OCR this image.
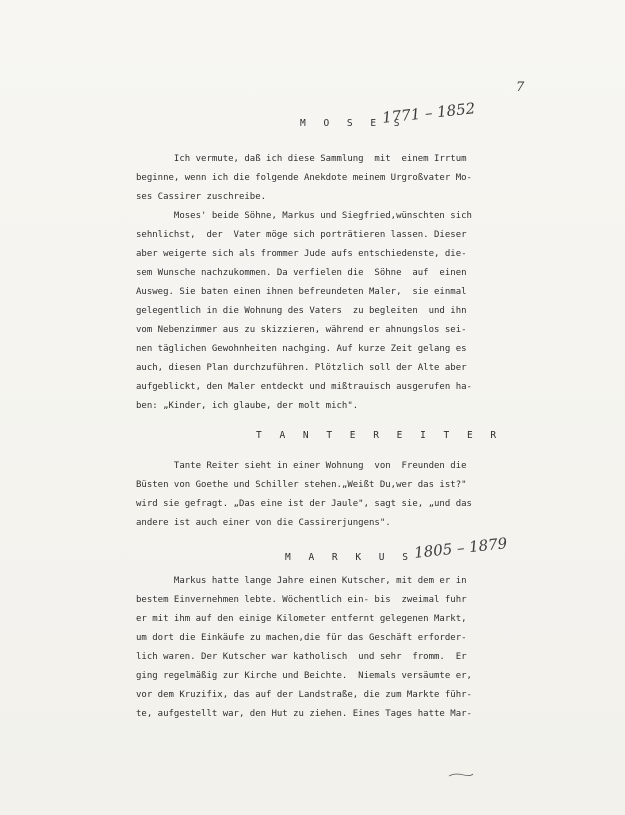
7
M O S E S
1771 – 1852
Ich vermute, daß ich diese Sammlung  mit  einem Irrtum
beginne, wenn ich die folgende Anekdote meinem Urgroßvater Mo-
ses Cassirer zuschreibe.
Moses' beide Söhne, Markus und Siegfried,wünschten sich
sehnlichst,  der  Vater möge sich porträtieren lassen. Dieser
aber weigerte sich als frommer Jude aufs entschiedenste, die-
sem Wunsche nachzukommen. Da verfielen die  Söhne  auf  einen
Ausweg. Sie baten einen ihnen befreundeten Maler,  sie einmal
gelegentlich in die Wohnung des Vaters  zu begleiten  und ihn
vom Nebenzimmer aus zu skizzieren, während er ahnungslos sei-
nen täglichen Gewohnheiten nachging. Auf kurze Zeit gelang es
auch, diesen Plan durchzuführen. Plötzlich soll der Alte aber
aufgeblickt, den Maler entdeckt und mißtrauisch ausgerufen ha-
ben: „Kinder, ich glaube, der molt mich".
T A N T E R E I T E R
Tante Reiter sieht in einer Wohnung  von  Freunden die
Büsten von Goethe und Schiller stehen.„Weißt Du,wer das ist?"
wird sie gefragt. „Das eine ist der Jaule", sagt sie, „und das
andere ist auch einer von die Cassirerjungens".
M A R K U S 1805 – 1879
Markus hatte lange Jahre einen Kutscher, mit dem er in
bestem Einvernehmen lebte. Wöchentlich ein- bis  zweimal fuhr
er mit ihm auf den einige Kilometer entfernt gelegenen Markt,
um dort die Einkäufe zu machen,die für das Geschäft erforder-
lich waren. Der Kutscher war katholisch  und sehr  fromm.  Er
ging regelmäßig zur Kirche und Beichte.  Niemals versäumte er,
vor dem Kruzifix, das auf der Landstraße, die zum Markte führ-
te, aufgestellt war, den Hut zu ziehen. Eines Tages hatte Mar-
